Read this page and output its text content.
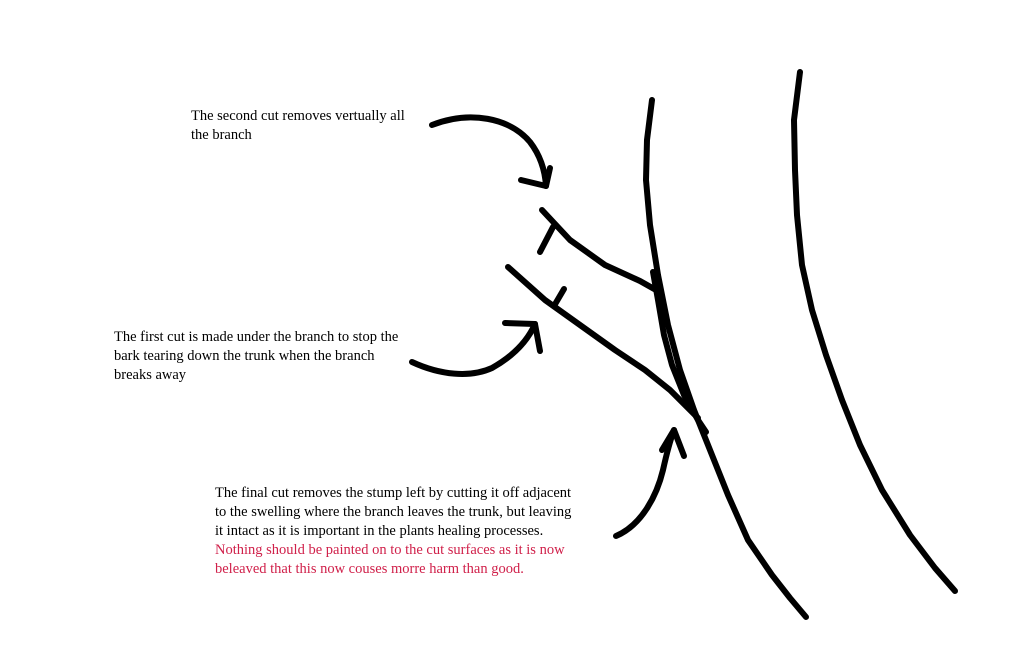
The second cut removes vertually all
the branch
The first cut is made under the branch to stop the
bark tearing down the trunk when the branch
breaks away
The final cut removes the stump left by cutting it off adjacent
to the swelling where the branch leaves the trunk, but leaving
it intact as it is important in the plants healing processes.
Nothing should be painted on to the cut surfaces as it is now
beleaved that this now couses morre harm than good.
